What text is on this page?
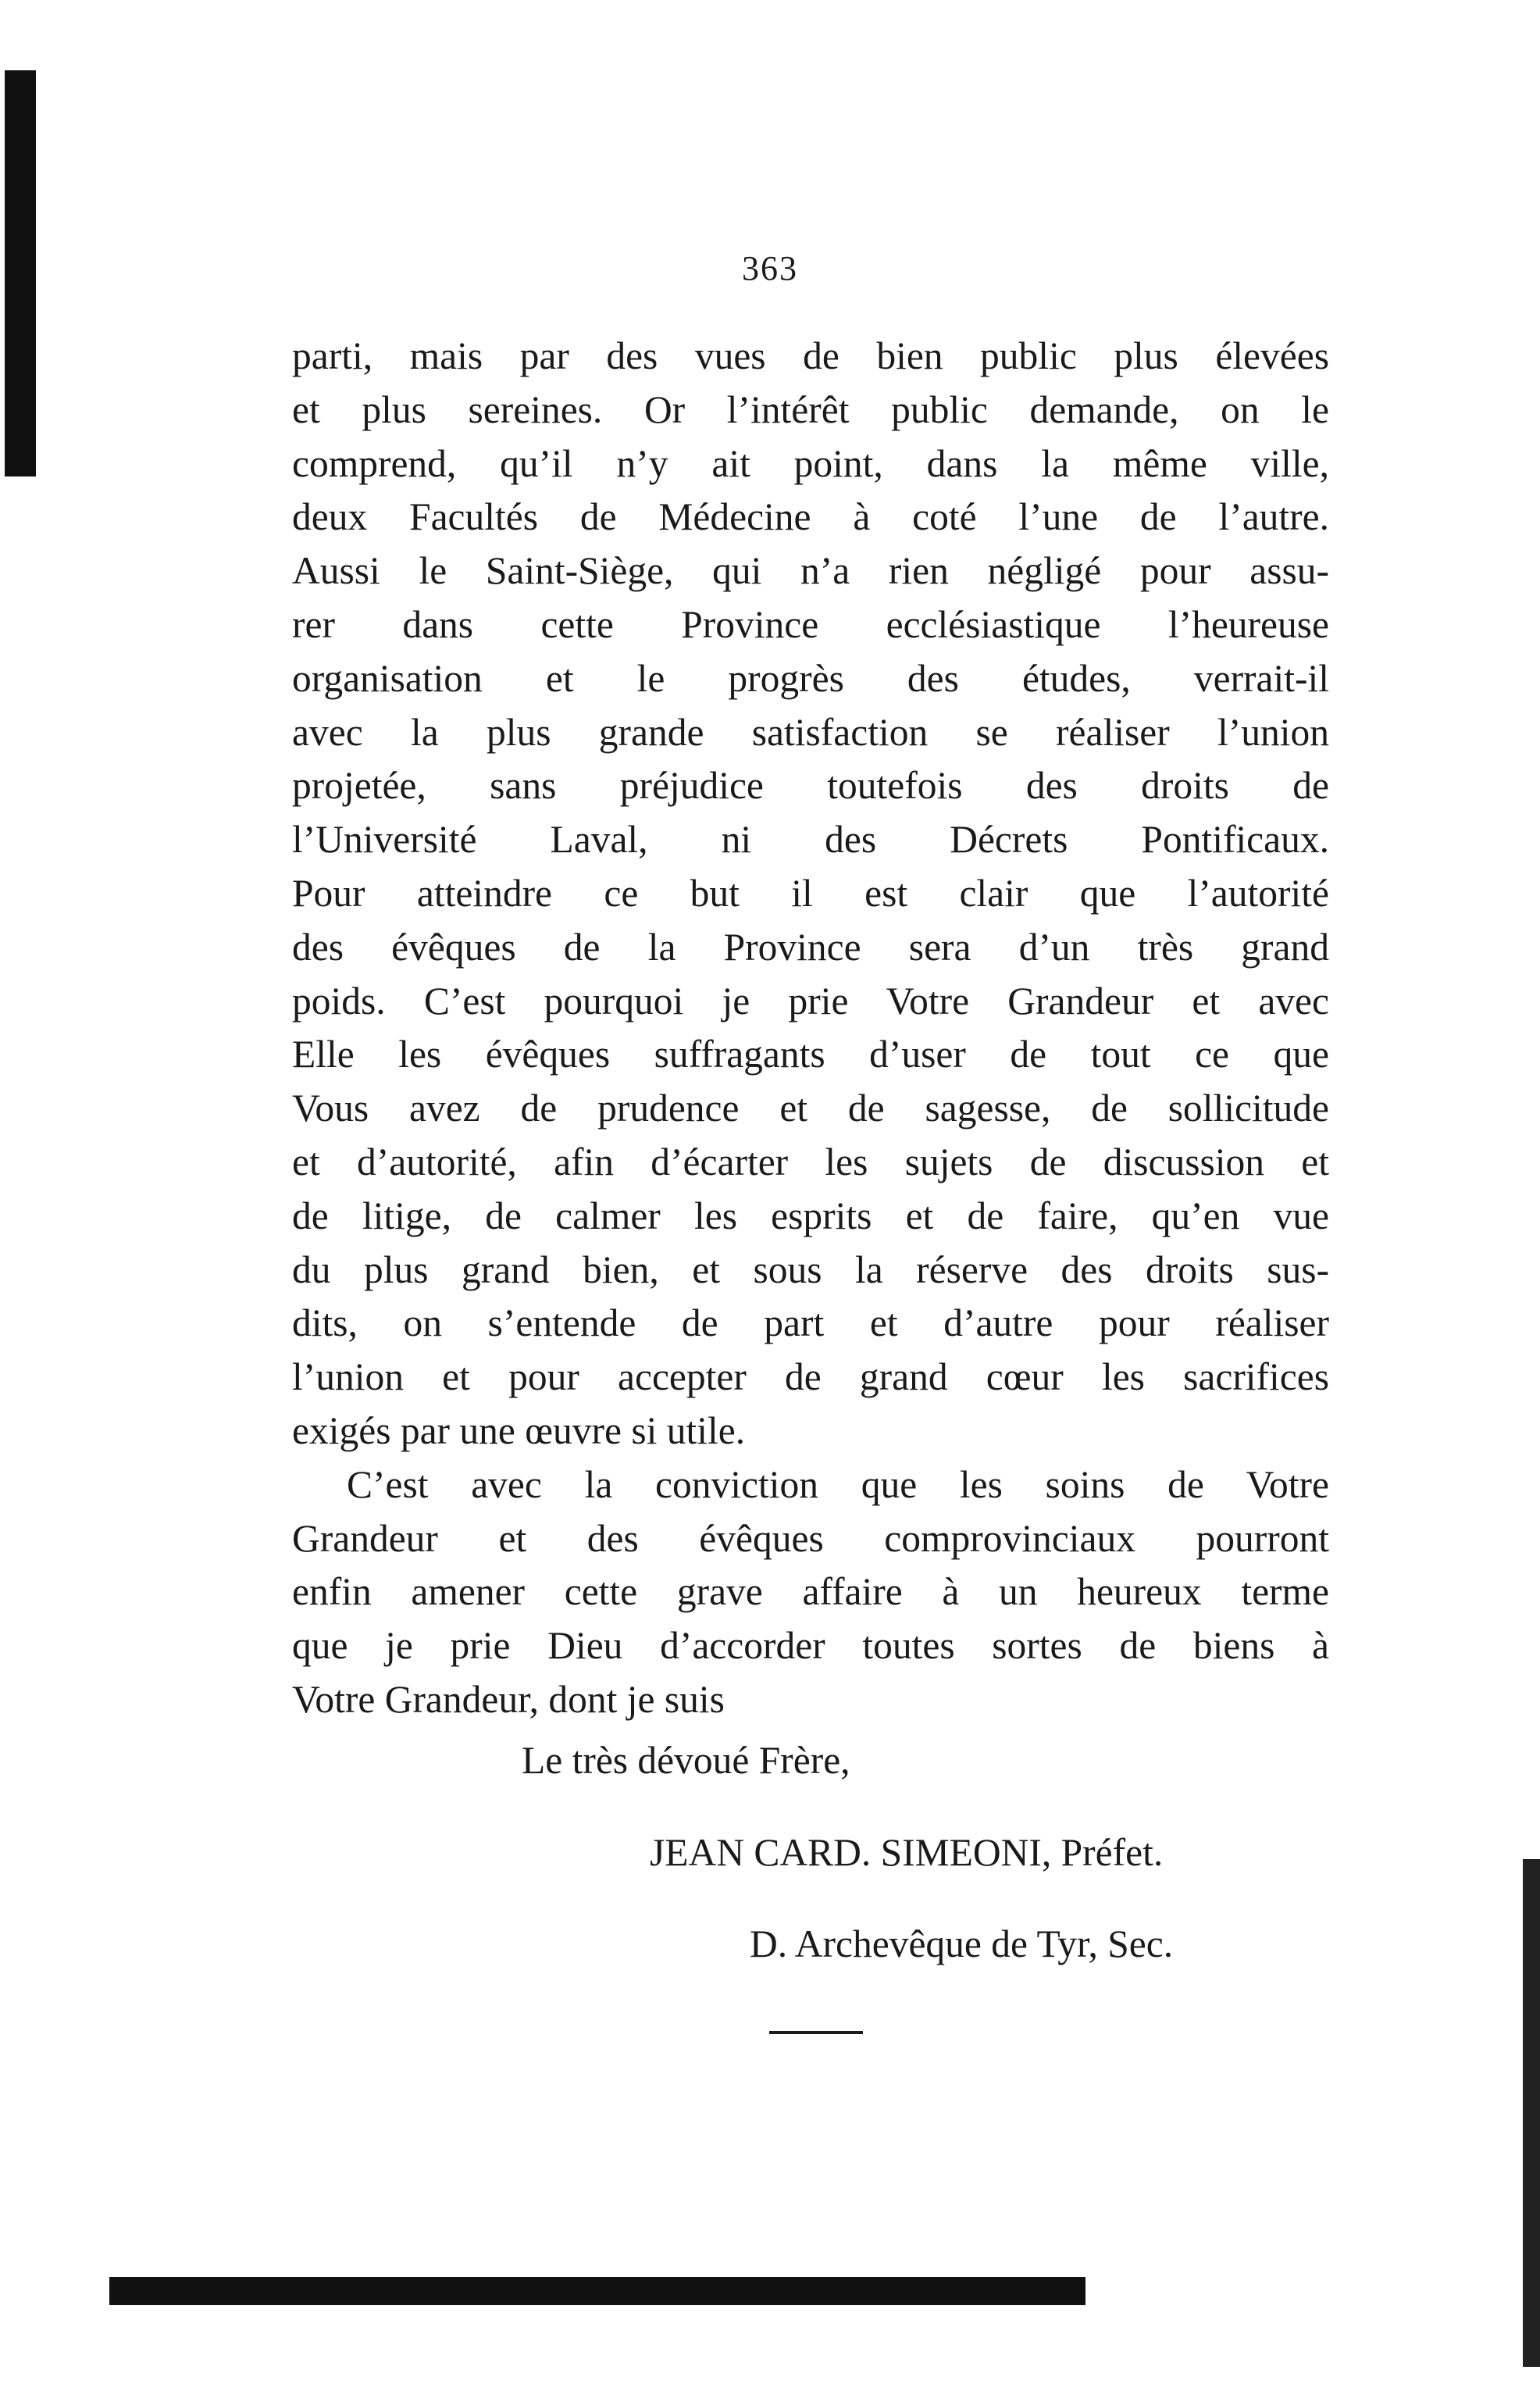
363
parti, mais par des vues de bien public plus élevées
et plus sereines. Or l’intérêt public demande, on le
comprend, qu’il n’y ait point, dans la même ville,
deux Facultés de Médecine à coté l’une de l’autre.
Aussi le Saint-Siège, qui n’a rien négligé pour assu-
rer dans cette Province ecclésiastique l’heureuse
organisation et le progrès des études, verrait-il
avec la plus grande satisfaction se réaliser l’union
projetée, sans préjudice toutefois des droits de
l’Université Laval, ni des Décrets Pontificaux.
Pour atteindre ce but il est clair que l’autorité
des évêques de la Province sera d’un très grand
poids. C’est pourquoi je prie Votre Grandeur et avec
Elle les évêques suffragants d’user de tout ce que
Vous avez de prudence et de sagesse, de sollicitude
et d’autorité, afin d’écarter les sujets de discussion et
de litige, de calmer les esprits et de faire, qu’en vue
du plus grand bien, et sous la réserve des droits sus-
dits, on s’entende de part et d’autre pour réaliser
l’union et pour accepter de grand cœur les sacrifices
exigés par une œuvre si utile.
C’est avec la conviction que les soins de Votre
Grandeur et des évêques comprovinciaux pourront
enfin amener cette grave affaire à un heureux terme
que je prie Dieu d’accorder toutes sortes de biens à
Votre Grandeur, dont je suis
Le très dévoué Frère,
JEAN CARD. SIMEONI, Préfet.
D. Archevêque de Tyr, Sec.
